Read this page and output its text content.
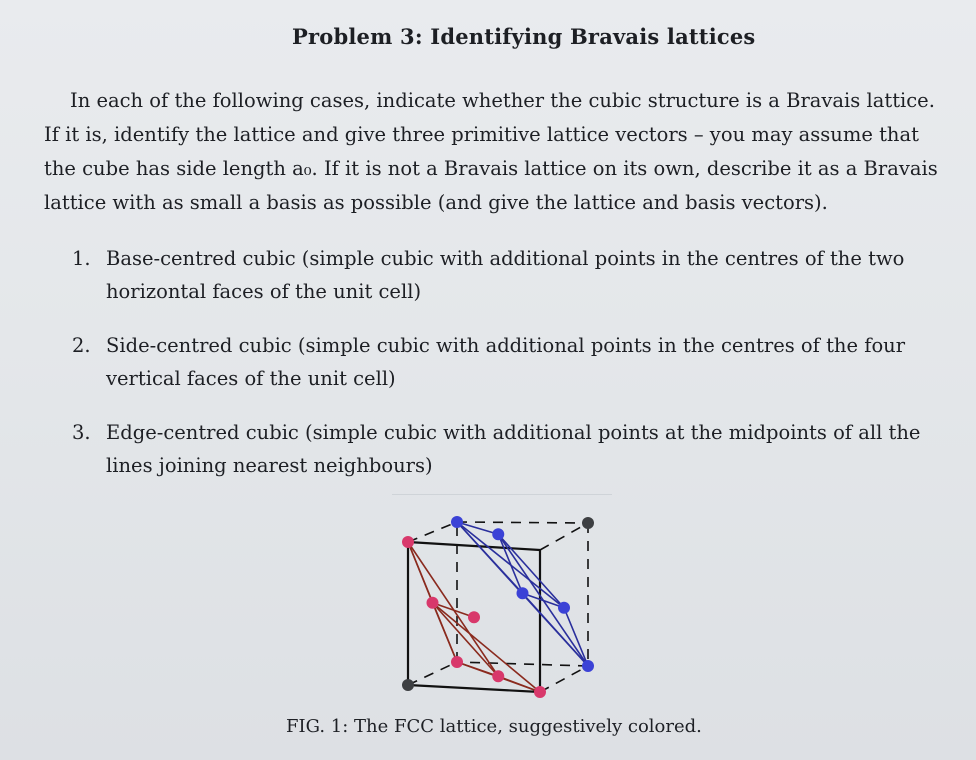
Problem 3: Identifying Bravais lattices
In each of the following cases, indicate whether the cubic structure is a Bravais lattice.
If it is, identify the lattice and give three primitive lattice vectors – you may assume that
the cube has side length a₀. If it is not a Bravais lattice on its own, describe it as a Bravais
lattice with as small a basis as possible (and give the lattice and basis vectors).
1. Base-centred cubic (simple cubic with additional points in the centres of the two
horizontal faces of the unit cell)
2. Side-centred cubic (simple cubic with additional points in the centres of the four
vertical faces of the unit cell)
3. Edge-centred cubic (simple cubic with additional points at the midpoints of all the
lines joining nearest neighbours)
FIG. 1: The FCC lattice, suggestively colored.
